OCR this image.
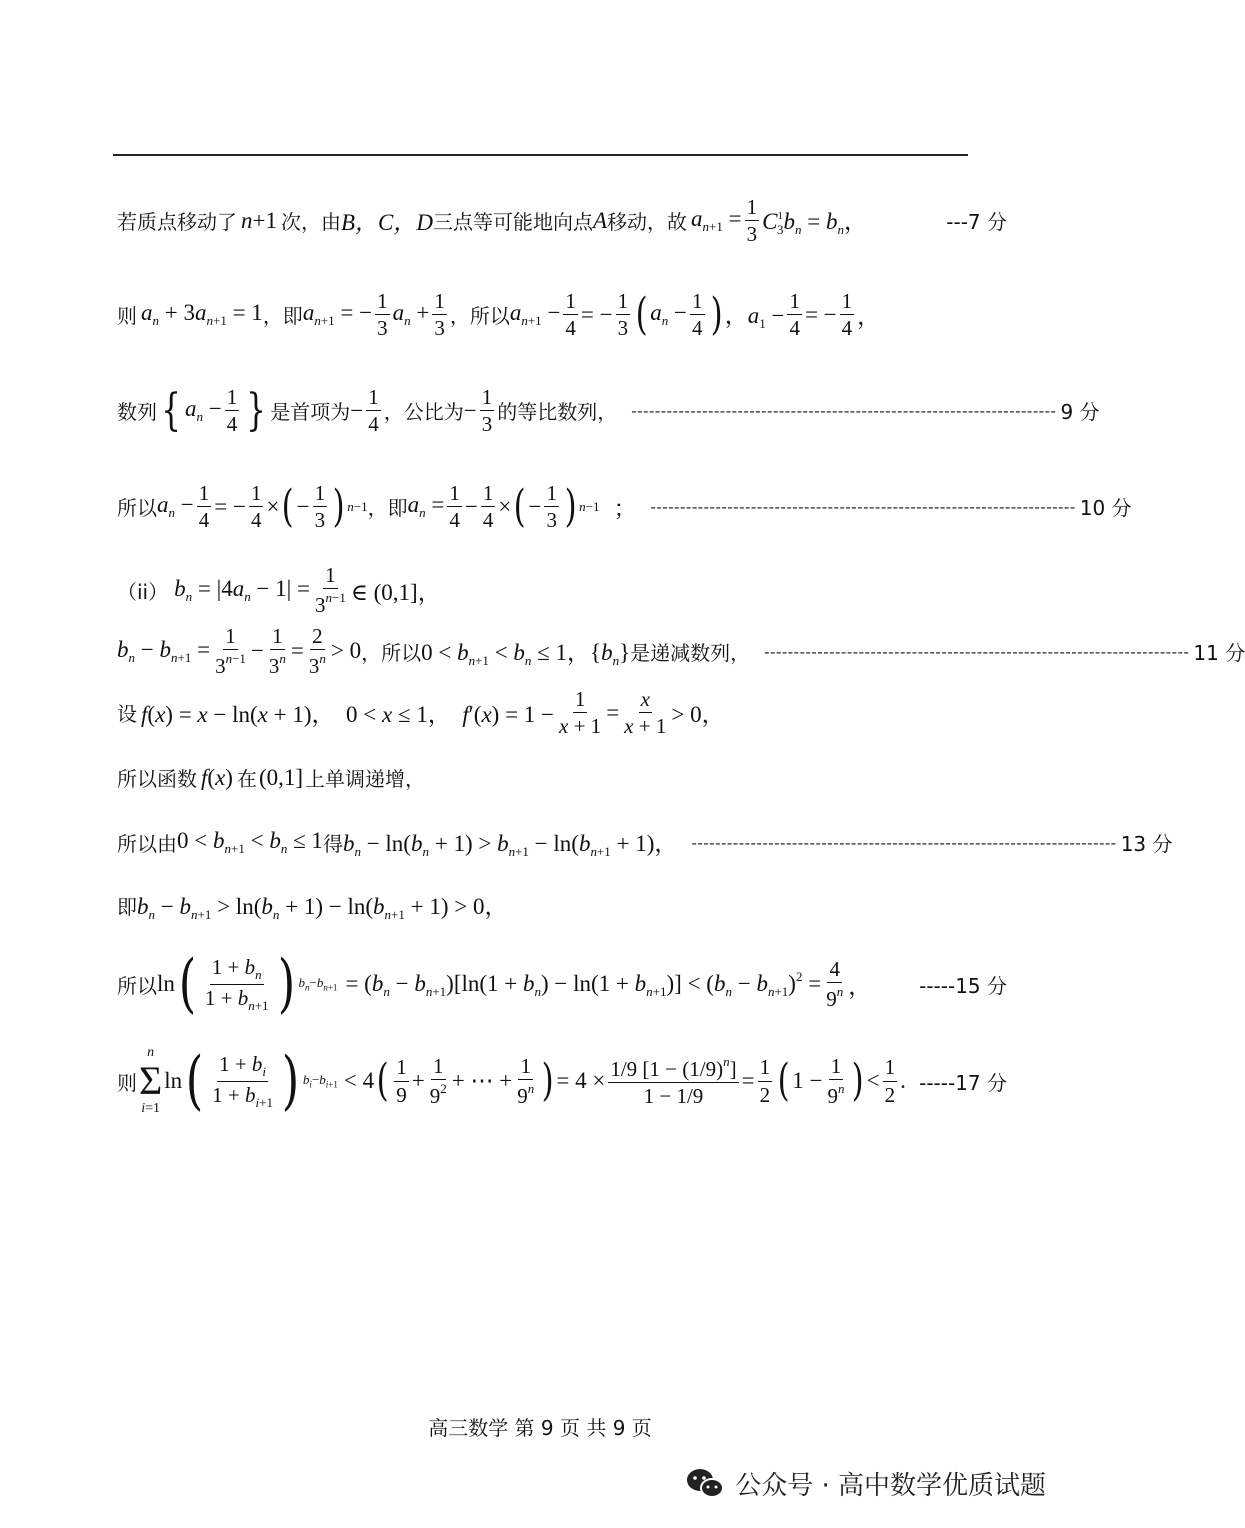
若质点移动了 n+1 次，由 B，C，D 三点等可能地向点 A 移动，故 $a_{n+1} = \frac{1}{3} C^1_3b_n = b_n$，	---7 分
则 $a_n + 3a_{n+1} = 1$ ，即 $a_{n+1}$ = − $\frac{1}{3} a_n + \frac{1}{3}$ ，所以 $a_{n+1} - \frac{1}{4}$ = − $\frac{1}{3}$ ( $a_n - \frac{1}{4}$ ) ，$a_1 - \frac{1}{4}$ = − $\frac{1}{4}$ ，
数列 { $a_n - \frac{1}{4}$ } 是首项为 − $\frac{1}{4}$ ，公比为 − $\frac{1}{3}$ 的等比数列， ------------------------------------------------------------------------ 9 分
所以 $a_n - \frac{1}{4}$ = − $\frac{1}{4}$ × ( − $\frac{1}{3}$ ) n−1 ，即 $a_n = \frac{1}{4} - \frac{1}{4}$ × ( − $\frac{1}{3}$ ) n−1 ； ------------------------------------------------------------------------ 10 分
（ii） $b_n = |4a_n - 1| = \frac{1}{3^{n-1}}$ ∈ (0,1]，
$b_n - b_{n+1} = \frac{1}{3^{n-1}} - \frac{1}{3^n} = \frac{2}{3^n} > 0$ ，所以 $0 < b_{n+1} < b_n \le 1$，$\{b_n\}$ 是递减数列， ------------------------------------------------------------------------ 11 分
设 f(x) = x − ln(x + 1)，  0 < x ≤ 1，  $f'(x) = 1 - \frac{1}{x + 1} = \frac{x}{x + 1} > 0$，
所以函数 f(x) 在 (0,1] 上单调递增，
所以由 $0 < b_{n+1} < b_n \le 1$ 得 $b_n - \ln(b_n + 1) > b_{n+1} - \ln(b_{n+1} + 1)$， ------------------------------------------------------------------------ 13 分
即 $b_n - b_{n+1} > \ln(b_n + 1) - \ln(b_{n+1} + 1) > 0$，
所以 ln ( $\frac{1 + b_n}{1 + b_{n+1}}$ ) $b_n-b_{n+1} = (b_n - b_{n+1})[\ln(1 + b_n) - \ln(1 + b_{n+1})] < (b_n - b_{n+1})^2 = \frac{4}{9^n}$ ， -----15 分
则
n
Σ
i=1
ln ( $\frac{1 + b_i}{1 + b_{i+1}}$ ) $b_i-b_{i+1} < 4$ ( $\frac{1}{9} + \frac{1}{9^2}$ + ⋯ + $\frac{1}{9^n}$ ) = $4 \times \frac{1/9 [1 - (1/9)^n]}{1 - 1/9} = \frac{1}{2}$ ( $1 - \frac{1}{9^n}$ ) < $\frac{1}{2}$ . -----17 分
高三数学 第 9 页 共 9 页
公众号 · 高中数学优质试题
